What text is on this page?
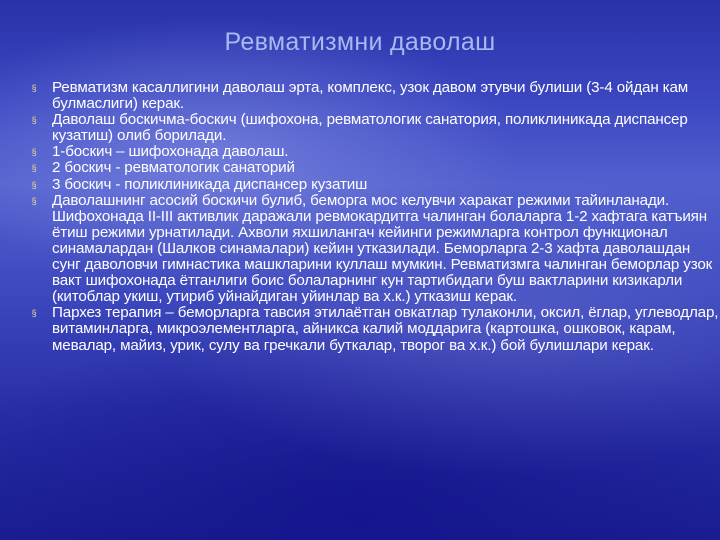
Ревматизмни даволаш
§ Ревматизм касаллигини даволаш эрта, комплекс, узок давом этувчи булиши (3-4 ойдан кам булмаслиги) керак.
§ Даволаш боскичма-боскич (шифохона, ревматологик санатория, поликлиникада диспансер кузатиш) олиб борилади.
§ 1-боскич – шифохонада даволаш.
§ 2 боскич - ревматологик санаторий
§ 3 боскич - поликлиникада диспансер кузатиш
§ Даволашнинг асосий боскичи булиб, беморга мос келувчи харакат режими тайинланади. Шифохонада II-III активлик даражали ревмокардитга чалинган болаларга 1-2 хафтага катъиян ётиш режими урнатилади. Ахволи яхшилангач кейинги режимларга контрол функционал синамалардан (Шалков синамалари) кейин утказилади. Беморларга 2-3 хафта даволашдан сунг даволовчи гимнастика машкларини куллаш мумкин. Ревматизмга чалинган беморлар узок вакт шифохонада ётганлиги боис болаларнинг кун тартибидаги буш вактларини кизикарли (китоблар укиш, утириб уйнайдиган уйинлар ва х.к.) утказиш керак.
§ Пархез терапия – беморларга тавсия этилаётган овкатлар тулаконли, оксил, ёглар, углеводлар, витаминларга, микроэлементларга, айникса калий моддарига (картошка, ошковок, карам, мевалар, майиз, урик, сулу ва гречкали буткалар, творог ва х.к.) бой булишлари керак.
